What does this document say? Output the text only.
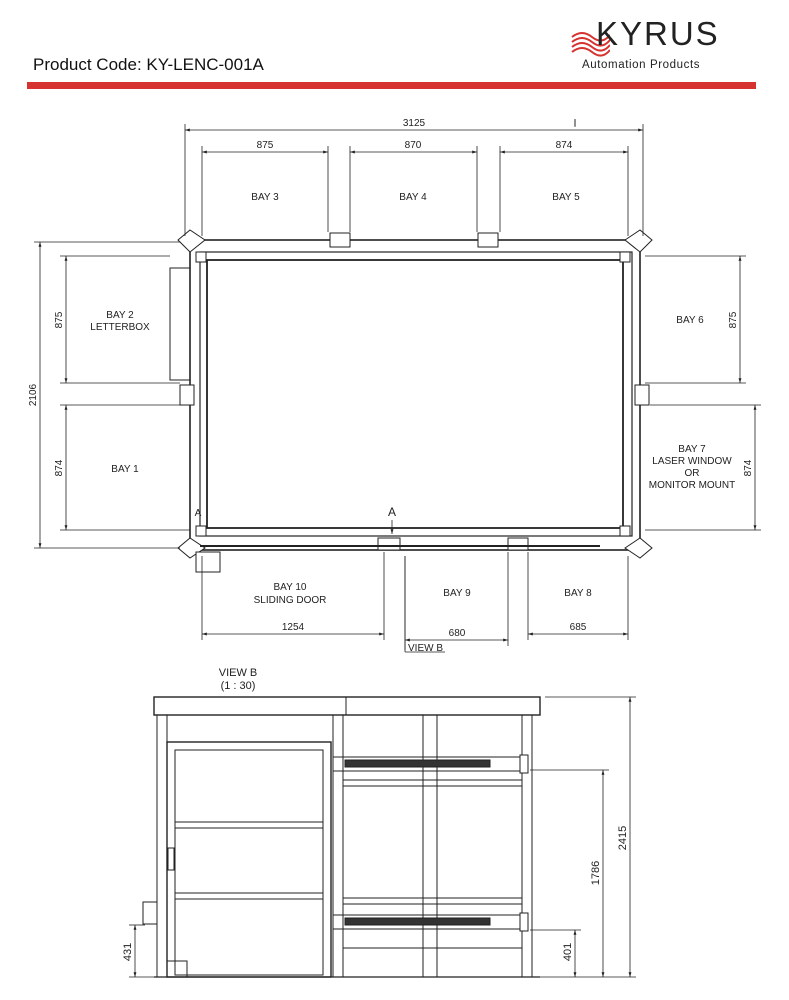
Product Code: KY-LENC-001A
KYRUS
Automation Products
3125	I
875	870	874
BAY 3	BAY 4	BAY 5
BAY 2
LETTERBOX
BAY 1
BAY 6
BAY 7
LASER WINDOW
OR
MONITOR MOUNT
BAY 10
SLIDING DOOR
BAY 9	BAY 8
1254
680
685
VIEW B
A
A
2106
875
874
875
874
VIEW B
(1 : 30)
2415
1786
401
431
